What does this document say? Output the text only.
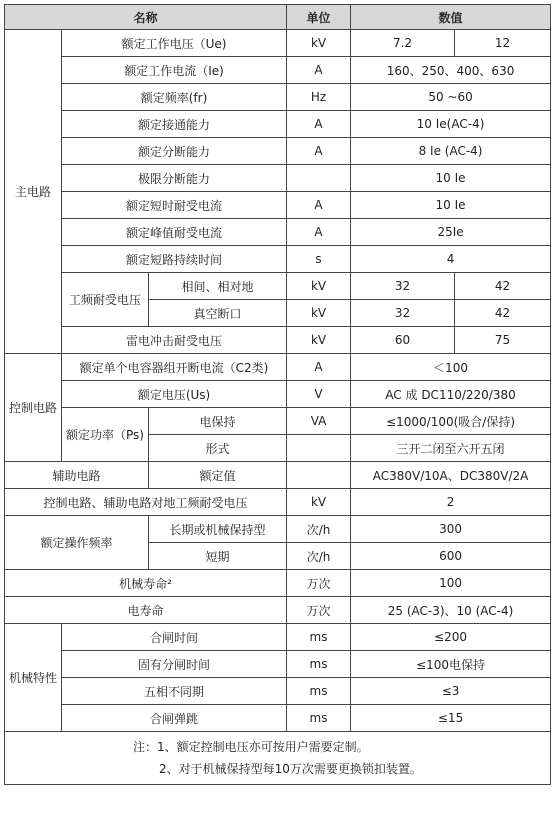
名称			单位	数值	
主电路	额定工作电压（Ue)		kV	7.2	12
	额定工作电流（Ie)		A	160、250、400、630	
	额定频率(fr)		Hz	50 ~60	
	额定接通能力		A	10 Ie(AC-4)	
	额定分断能力		A	8 Ie (AC-4)	
	极限分断能力			10 Ie	
	额定短时耐受电流		A	10 Ie	
	额定峰值耐受电流		A	25Ie	
	额定短路持续时间		s	4	
	工频耐受电压	相间、相对地	kV	32	42
		真空断口	kV	32	42
	雷电冲击耐受电压		kV	60	75
控制电路	额定单个电容器组开断电流（C2类)		A	＜100	
	额定电压(Us)		V	AC 成 DC110/220/380	
	额定功率（Ps)	电保持	VA	≤1000/100(吸合/保持)	
		形式		三开二闭至六开五闭	
辅助电路		额定值		AC380V/10A、DC380V/2A	
控制电路、辅助电路对地工频耐受电压			kV	2	
额定操作频率		长期或机械保持型	次/h	300	
		短期	次/h	600	
机械寿命²			万次	100	
电寿命			万次	25 (AC-3)、10 (AC-4)	
机械特性	合闸时间		ms	≤200	
	固有分闸时间		ms	≤100电保持	
	五相不同期		ms	≤3	
	合闸弹跳		ms	≤15	

注：1、额定控制电压亦可按用户需要定制。
2、对于机械保持型每10万次需要更换锁扣装置。					
